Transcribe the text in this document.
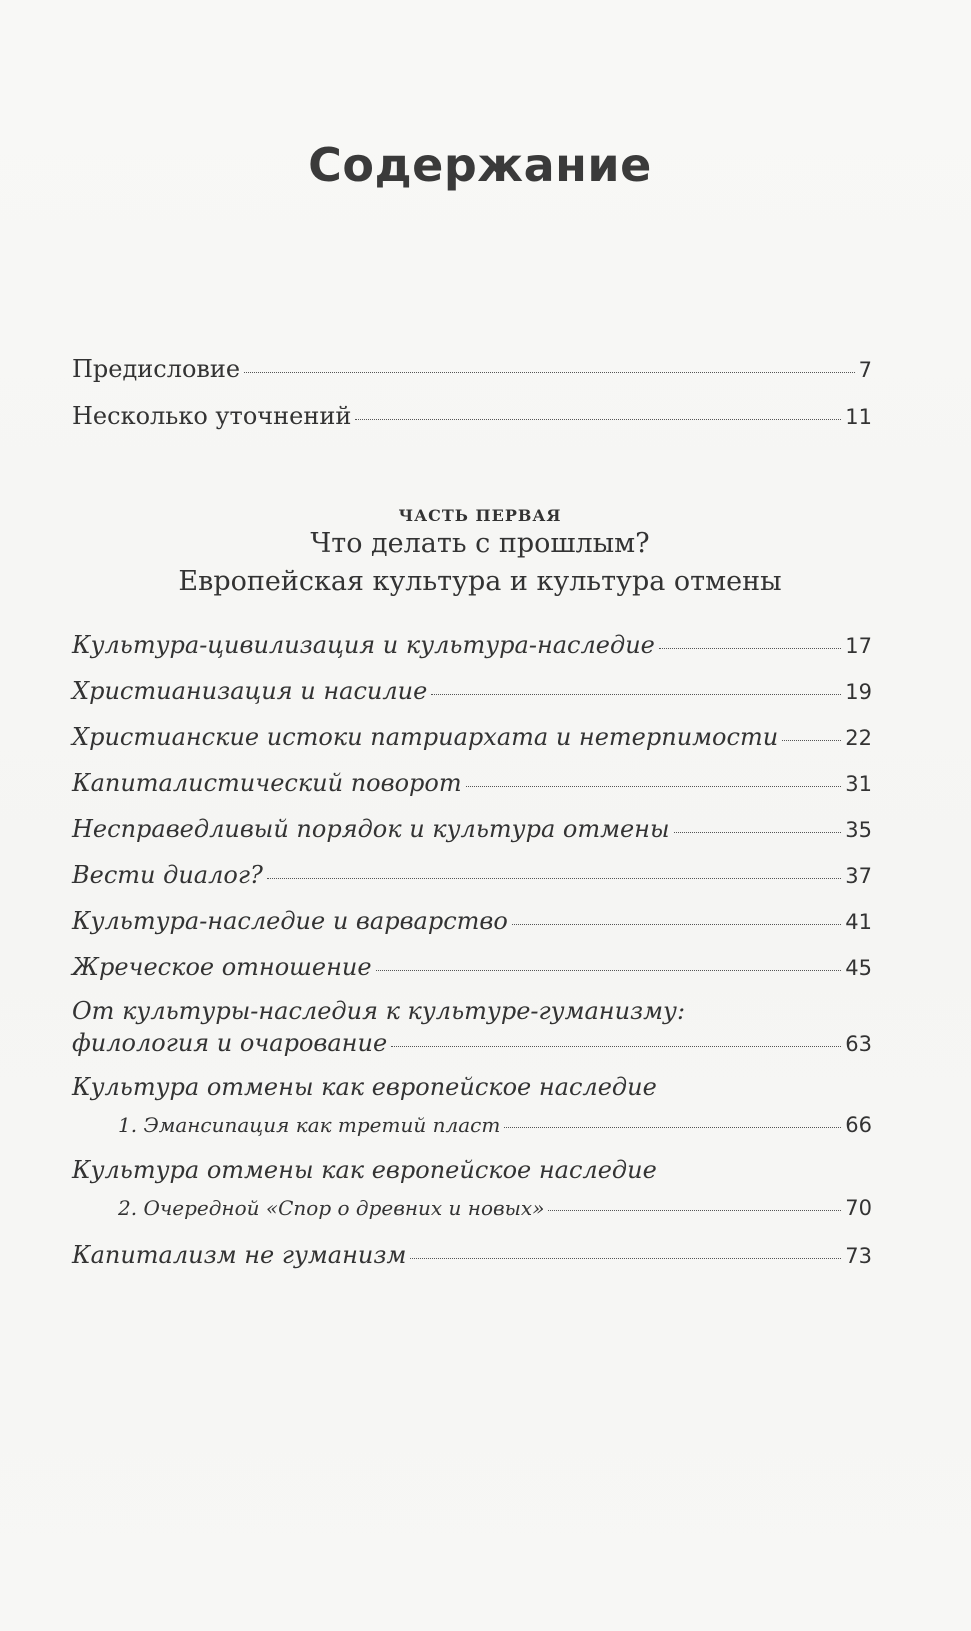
Содержание
Предисловие	7
Несколько уточнений	11
ЧАСТЬ ПЕРВАЯ
Что делать с прошлым?
Европейская культура и культура отмены
Культура-цивилизация и культура-наследие	17
Христианизация и насилие	19
Христианские истоки патриархата и нетерпимости	22
Капиталистический поворот	31
Несправедливый порядок и культура отмены	35
Вести диалог?	37
Культура-наследие и варварство	41
Жреческое отношение	45
От культуры-наследия к культуре-гуманизму:
филология и очарование	63
Культура отмены как европейское наследие
1. Эмансипация как третий пласт	66
Культура отмены как европейское наследие
2. Очередной «Спор о древних и новых»	70
Капитализм не гуманизм	73
